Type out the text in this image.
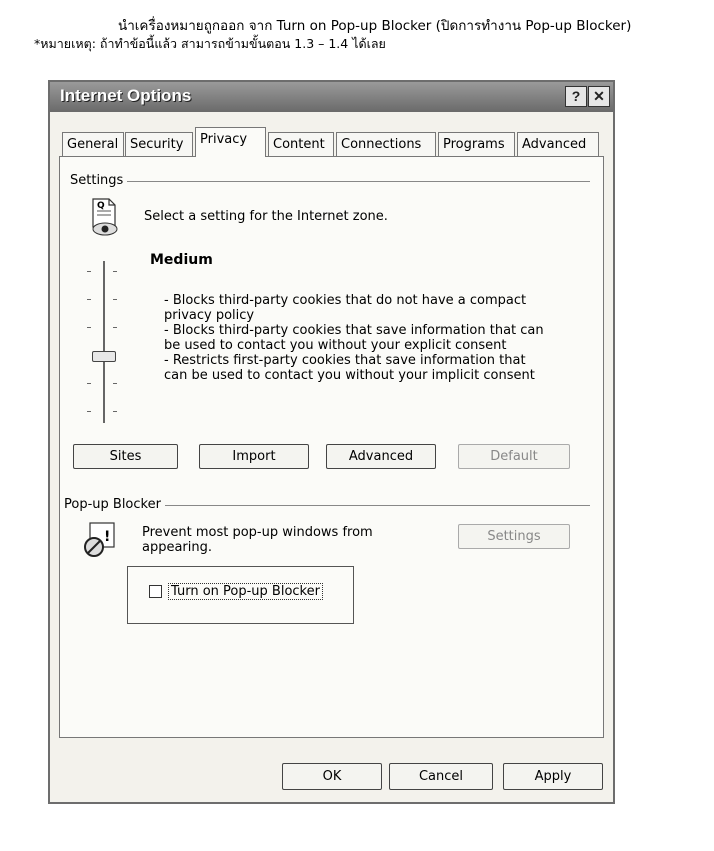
นำเครื่องหมายถูกออก จาก Turn on Pop-up Blocker (ปิดการทำงาน Pop-up Blocker)
*หมายเหตุ: ถ้าทำข้อนี้แล้ว สามารถข้ามขั้นตอน 1.3 – 1.4 ได้เลย
Internet Options	? ✕
General Security	Privacy	Content	Connections	Programs	Advanced
Settings
Q
Select a setting for the Internet zone.
Medium
- Blocks third-party cookies that do not have a compact
privacy policy
- Blocks third-party cookies that save information that can
be used to contact you without your explicit consent
- Restricts first-party cookies that save information that
can be used to contact you without your implicit consent
Sites	Import	Advanced	Default
Pop-up Blocker
! Prevent most pop-up windows from
appearing.
Settings
OK	Cancel	Apply
Turn on Pop-up Blocker
